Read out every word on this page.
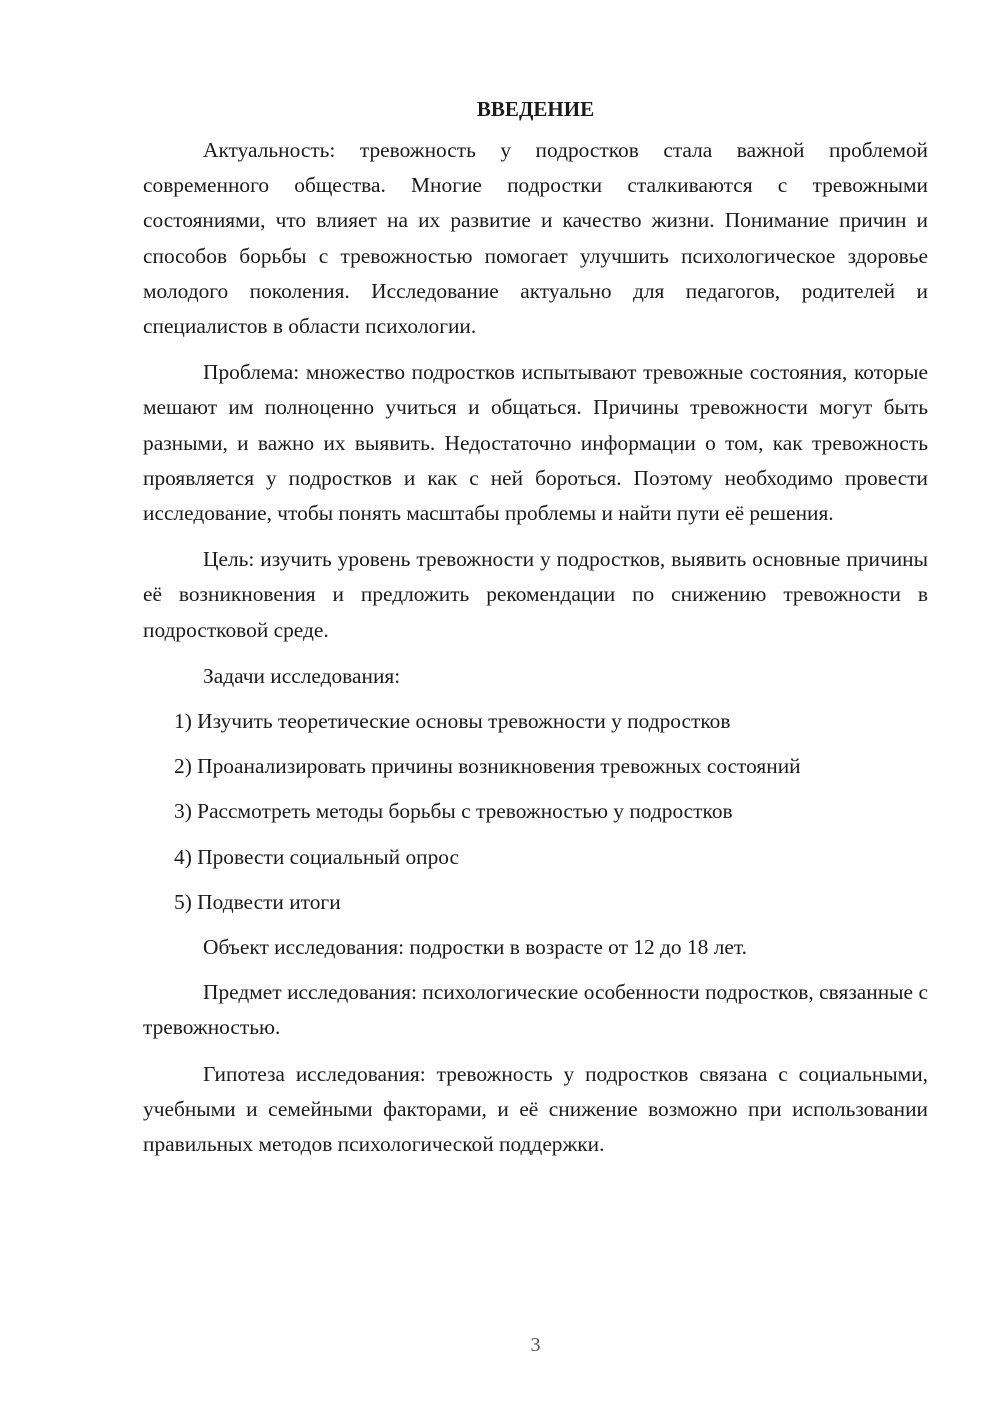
ВВЕДЕНИЕ

Актуальность: тревожность у подростков стала важной проблемой современного общества. Многие подростки сталкиваются с тревожными состояниями, что влияет на их развитие и качество жизни. Понимание причин и способов борьбы с тревожностью помогает улучшить психологическое здоровье молодого поколения. Исследование актуально для педагогов, родителей и специалистов в области психологии.

Проблема: множество подростков испытывают тревожные состояния, которые мешают им полноценно учиться и общаться. Причины тревожности могут быть разными, и важно их выявить. Недостаточно информации о том, как тревожность проявляется у подростков и как с ней бороться. Поэтому необходимо провести исследование, чтобы понять масштабы проблемы и найти пути её решения.

Цель: изучить уровень тревожности у подростков, выявить основные причины её возникновения и предложить рекомендации по снижению тревожности в подростковой среде.

Задачи исследования:

1) Изучить теоретические основы тревожности у подростков
2) Проанализировать причины возникновения тревожных состояний
3) Рассмотреть методы борьбы с тревожностью у подростков
4) Провести социальный опрос
5) Подвести итоги

Объект исследования: подростки в возрасте от 12 до 18 лет.

Предмет исследования: психологические особенности подростков, связанные с тревожностью.

Гипотеза исследования: тревожность у подростков связана с социальными, учебными и семейными факторами, и её снижение возможно при использовании правильных методов психологической поддержки.

3
